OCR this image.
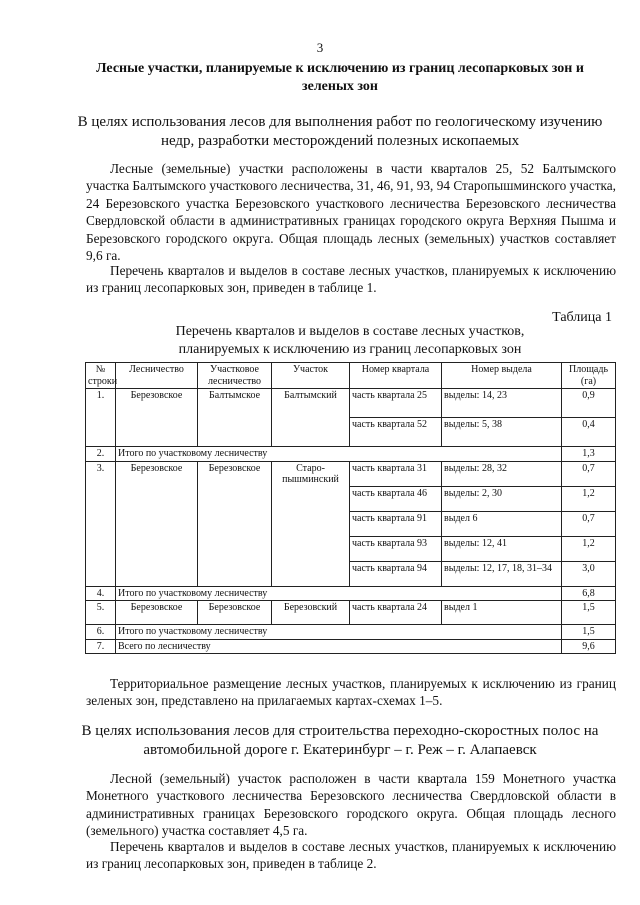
3
Лесные участки, планируемые к исключению из границ лесопарковых зон и зеленых зон
В целях использования лесов для выполнения работ по геологическому изучению недр, разработки месторождений полезных ископаемых

Лесные (земельные) участки расположены в части кварталов 25, 52 Балтымского участка Балтымского участкового лесничества, 31, 46, 91, 93, 94 Старопышминского участка, 24 Березовского участка Березовского участкового лесничества Березовского лесничества Свердловской области в административных границах городского округа Верхняя Пышма и Березовского городского округа. Общая площадь лесных (земельных) участков составляет 9,6 га.

Перечень кварталов и выделов в составе лесных участков, планируемых к исключению из границ лесопарковых зон, приведен в таблице 1.

Таблица 1
Перечень кварталов и выделов в составе лесных участков,
планируемых к исключению из границ лесопарковых зон
№ строки	Лесничество	Участковое лесничество	Участок	Номер квартала	Номер выдела	Площадь (га)
1.	Березовское	Балтымское	Балтымский	часть квартала 25	выделы: 14, 23	0,9
				часть квартала 52	выделы: 5, 38	0,4
2.	Итого по участковому лесничеству					1,3
3.	Березовское	Березовское	Старо-пышминский	часть квартала 31	выделы: 28, 32	0,7
				часть квартала 46	выделы: 2, 30	1,2
				часть квартала 91	выдел 6	0,7
				часть квартала 93	выделы: 12, 41	1,2
				часть квартала 94	выделы: 12, 17, 18, 31–34	3,0
4.	Итого по участковому лесничеству					6,8
5.	Березовское	Березовское	Березовский	часть квартала 24	выдел 1	1,5
6.	Итого по участковому лесничеству					1,5
7.	Всего по лесничеству					9,6

Территориальное размещение лесных участков, планируемых к исключению из границ зеленых зон, представлено на прилагаемых картах-схемах 1–5.

В целях использования лесов для строительства переходно-скоростных полос на автомобильной дороге г. Екатеринбург – г. Реж – г. Алапаевск

Лесной (земельный) участок расположен в части квартала 159 Монетного участка Монетного участкового лесничества Березовского лесничества Свердловской области в административных границах Березовского городского округа. Общая площадь лесного (земельного) участка составляет 4,5 га.

Перечень кварталов и выделов в составе лесных участков, планируемых к исключению из границ лесопарковых зон, приведен в таблице 2.
